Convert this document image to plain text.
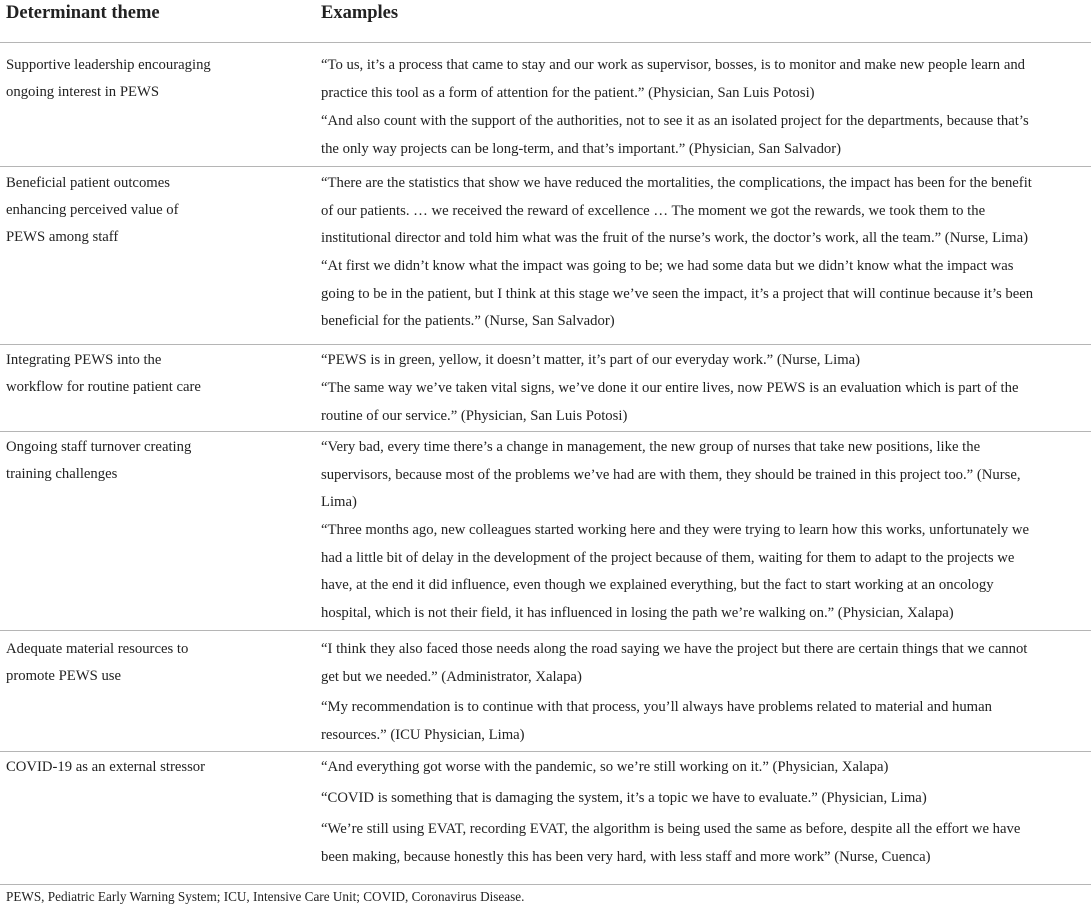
Determinant theme	Examples
Supportive leadership encouraging
ongoing interest in PEWS
“To us, it’s a process that came to stay and our work as supervisor, bosses, is to monitor and make new people learn and
practice this tool as a form of attention for the patient.” (Physician, San Luis Potosi)
“And also count with the support of the authorities, not to see it as an isolated project for the departments, because that’s
the only way projects can be long-term, and that’s important.” (Physician, San Salvador)
Beneficial patient outcomes
enhancing perceived value of
PEWS among staff
“There are the statistics that show we have reduced the mortalities, the complications, the impact has been for the benefit
of our patients. … we received the reward of excellence … The moment we got the rewards, we took them to the
institutional director and told him what was the fruit of the nurse’s work, the doctor’s work, all the team.” (Nurse, Lima)
“At first we didn’t know what the impact was going to be; we had some data but we didn’t know what the impact was
going to be in the patient, but I think at this stage we’ve seen the impact, it’s a project that will continue because it’s been
beneficial for the patients.” (Nurse, San Salvador)
Integrating PEWS into the
workflow for routine patient care
“PEWS is in green, yellow, it doesn’t matter, it’s part of our everyday work.” (Nurse, Lima)
“The same way we’ve taken vital signs, we’ve done it our entire lives, now PEWS is an evaluation which is part of the
routine of our service.” (Physician, San Luis Potosi)
Ongoing staff turnover creating
training challenges
“Very bad, every time there’s a change in management, the new group of nurses that take new positions, like the
supervisors, because most of the problems we’ve had are with them, they should be trained in this project too.” (Nurse,
Lima)
“Three months ago, new colleagues started working here and they were trying to learn how this works, unfortunately we
had a little bit of delay in the development of the project because of them, waiting for them to adapt to the projects we
have, at the end it did influence, even though we explained everything, but the fact to start working at an oncology
hospital, which is not their field, it has influenced in losing the path we’re walking on.” (Physician, Xalapa)
Adequate material resources to
promote PEWS use
“I think they also faced those needs along the road saying we have the project but there are certain things that we cannot
get but we needed.” (Administrator, Xalapa)
“My recommendation is to continue with that process, you’ll always have problems related to material and human
resources.” (ICU Physician, Lima)
COVID-19 as an external stressor	“And everything got worse with the pandemic, so we’re still working on it.” (Physician, Xalapa)
“COVID is something that is damaging the system, it’s a topic we have to evaluate.” (Physician, Lima)
“We’re still using EVAT, recording EVAT, the algorithm is being used the same as before, despite all the effort we have
been making, because honestly this has been very hard, with less staff and more work” (Nurse, Cuenca)
PEWS, Pediatric Early Warning System; ICU, Intensive Care Unit; COVID, Coronavirus Disease.
